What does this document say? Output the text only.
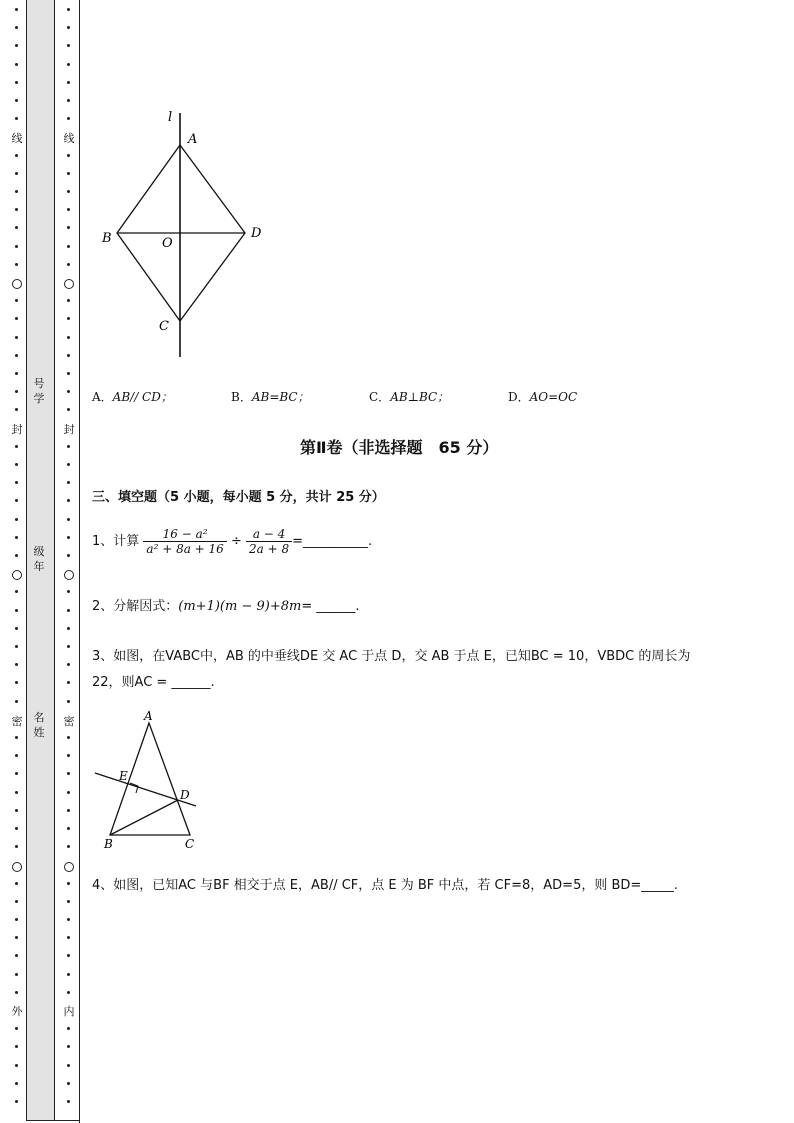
线
封
密
外
线
封
密
内
号学
级年
名姓
l
A
B	O
D
C
A．AB// CD；	B．AB=BC；	C．AB⊥BC；	D．AO=OC
第Ⅱ卷（非选择题　65 分）
三、填空题（5 小题，每小题 5 分，共计 25 分）
1、计算 $\frac{\text{16 − a²}}{\text{a² + 8a + 16}} \div \frac{a - 4}{2a + 8}$ =__________.
2、分解因式：(m+1)(m − 9)+8m= ______.
3、如图，在VABC中，AB 的中垂线DE 交 AC 于点 D，交 AB 于点 E，已知BC = 10，VBDC 的周长为
22，则AC = ______.
A
E
D
B	C
4、如图，已知AC 与BF 相交于点 E，AB// CF，点 E 为 BF 中点，若 CF=8，AD=5，则 BD=_____.
